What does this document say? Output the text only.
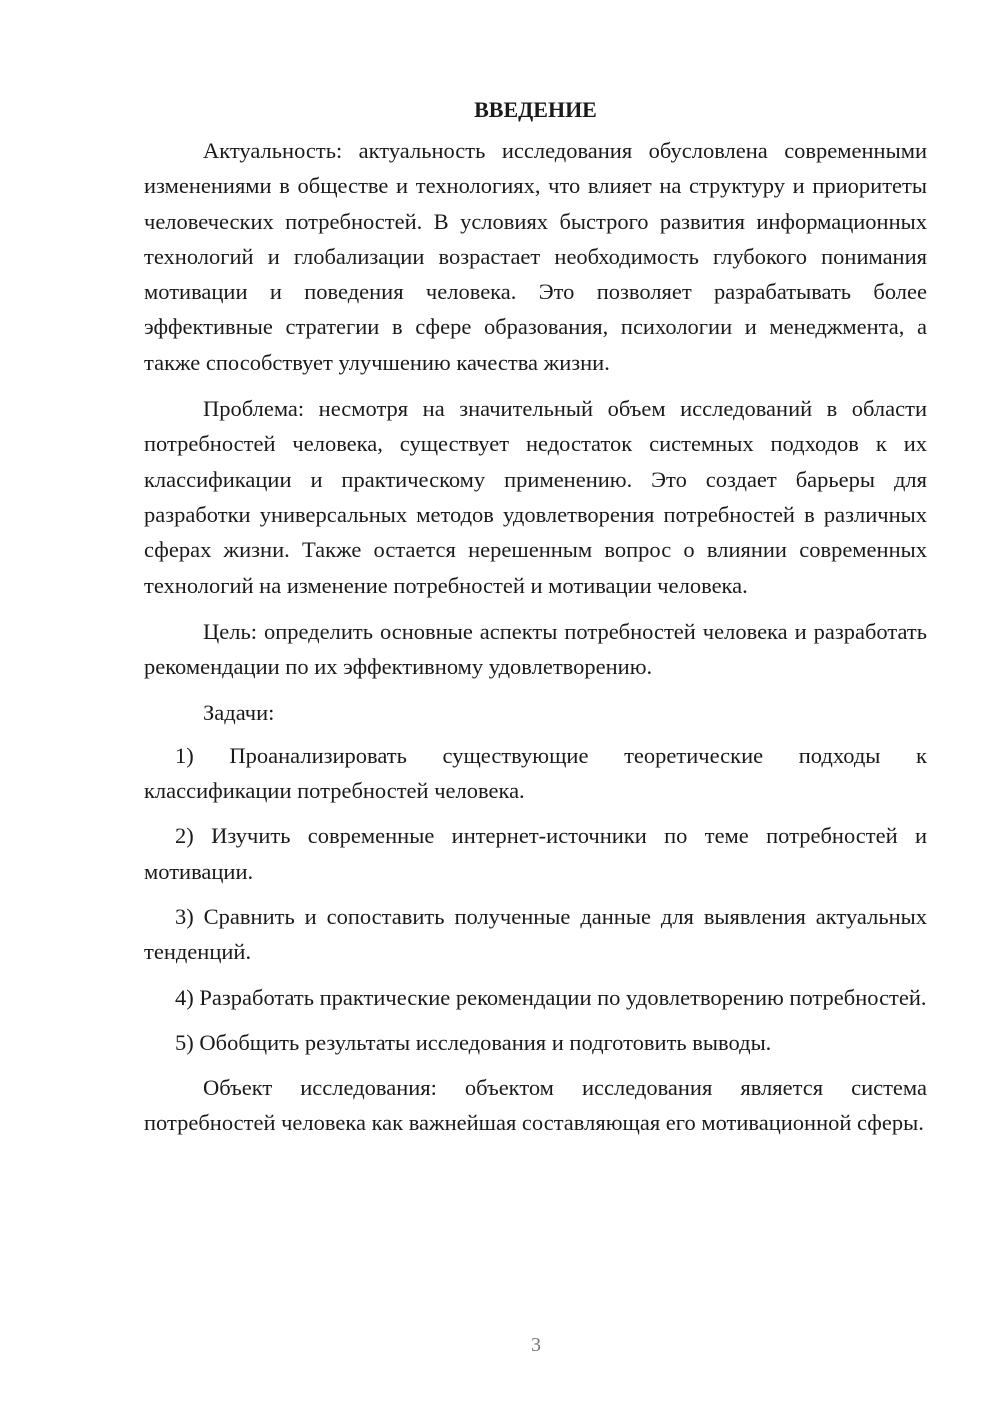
ВВЕДЕНИЕ

Актуальность: актуальность исследования обусловлена современными изменениями в обществе и технологиях, что влияет на структуру и приоритеты человеческих потребностей. В условиях быстрого развития информационных технологий и глобализации возрастает необходимость глубокого понимания мотивации и поведения человека. Это позволяет разрабатывать более эффективные стратегии в сфере образования, психологии и менеджмента, а также способствует улучшению качества жизни.

Проблема: несмотря на значительный объем исследований в области потребностей человека, существует недостаток системных подходов к их классификации и практическому применению. Это создает барьеры для разработки универсальных методов удовлетворения потребностей в различных сферах жизни. Также остается нерешенным вопрос о влиянии современных технологий на изменение потребностей и мотивации человека.

Цель: определить основные аспекты потребностей человека и разработать рекомендации по их эффективному удовлетворению.

Задачи:

1) Проанализировать существующие теоретические подходы к классификации потребностей человека.

2) Изучить современные интернет-источники по теме потребностей и мотивации.

3) Сравнить и сопоставить полученные данные для выявления актуальных тенденций.

4) Разработать практические рекомендации по удовлетворению потребностей.

5) Обобщить результаты исследования и подготовить выводы.

Объект исследования: объектом исследования является система потребностей человека как важнейшая составляющая его мотивационной сферы.

3
